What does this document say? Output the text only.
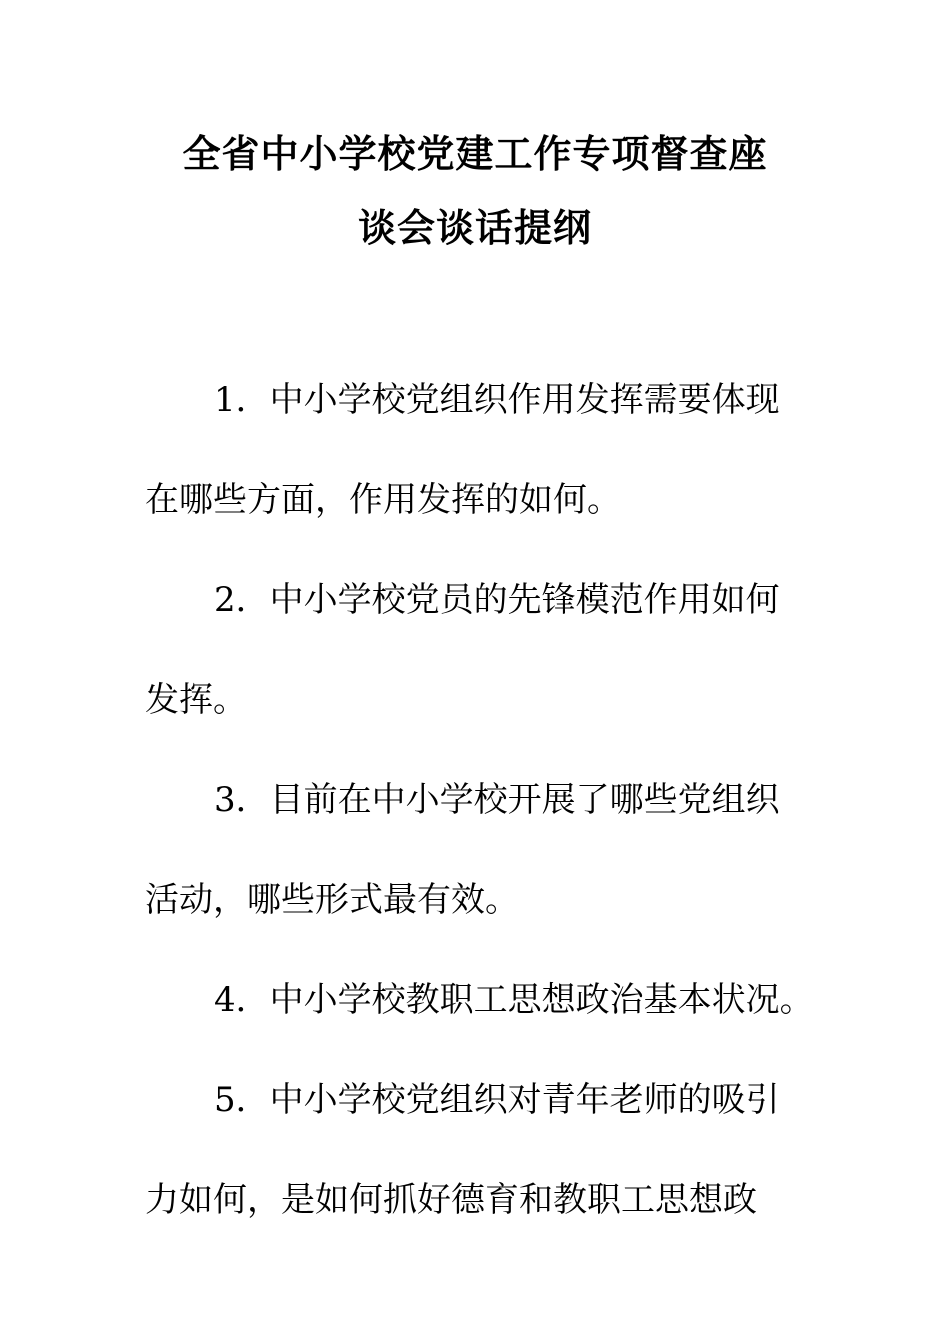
全省中小学校党建工作专项督查座
谈会谈话提纲
1．中小学校党组织作用发挥需要体现
在哪些方面，作用发挥的如何。
2．中小学校党员的先锋模范作用如何
发挥。
3．目前在中小学校开展了哪些党组织
活动，哪些形式最有效。
4．中小学校教职工思想政治基本状况。
5．中小学校党组织对青年老师的吸引
力如何，是如何抓好德育和教职工思想政
